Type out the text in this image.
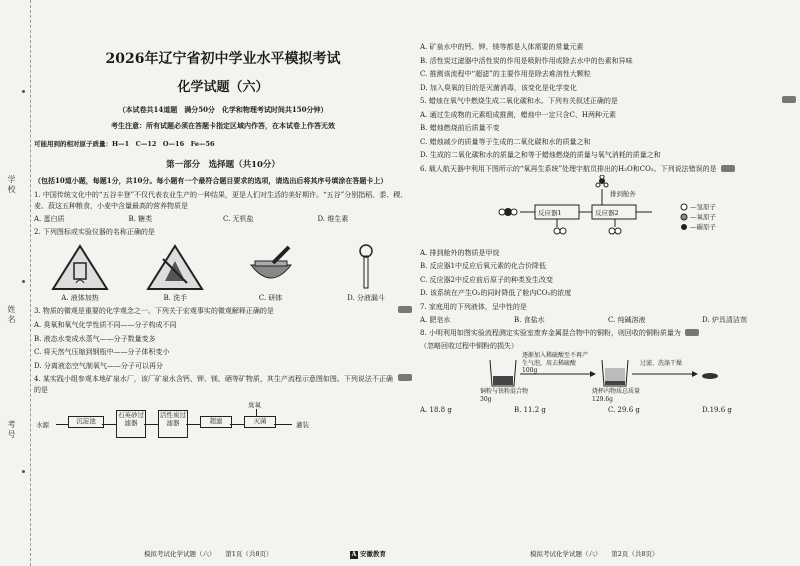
学校
姓名
考号
2026年辽宁省初中学业水平模拟考试
化学试题（六）
（本试卷共14道题　满分50分　化学和物理考试时间共150分钟）
考生注意：所有试题必须在答题卡指定区域内作答，在本试卷上作答无效
可能用到的相对原子质量：H—1　C—12　O—16　Fe—56
第一部分　选择题（共10分）
（包括10道小题，每题1分，共10分。每小题有一个最符合题目要求的选项，请选出后将其序号填涂在答题卡上）
1. 中国传统文化中的“五谷丰登”不仅代表农业生产的一种结果，更是人们对生活的美好期许。“五谷”分别指稻、黍、稷、麦、菽这五种粮食，小麦中含量最高的营养物质是
A. 蛋白质	B. 糖类	C. 无机盐	D. 维生素
2. 下列图标或实验仪器的名称正确的是
A. 液体加热	B. 洗手	C. 研钵	D. 分液漏斗
3. 物质的微观是重要的化学观念之一。下列关于宏观事实的微观解释正确的是
A. 臭氧和氧气化学性质不同——分子构成不同
B. 液态水变成水蒸气——分子数量变多
C. 将天然气压缩到钢瓶中——分子体积变小
D. 分离液态空气制氧气——分子可以再分
4. 某实践小组参观本地矿泉水厂，该厂矿泉水含钙、钾、镁、硒等矿物质，其生产流程示意图如图。下列说法不正确的是
水源	沉淀池
石英砂过滤器
活性炭过滤器	超滤
臭氧
灭菌	灌装
模拟考试化学试题（六）　　第1页（共8页）	A 安徽教育
A. 矿泉水中的钙、钾、镁等都是人体需要的常量元素
B. 活性炭过滤器中活性炭的作用是吸附作用或除去水中的色素和异味
C. 推测该流程中“超滤”的主要作用是除去难溶性大颗粒
D. 加入臭氧的目的是灭菌消毒，该变化是化学变化
5. 蜡烛在氧气中燃烧生成二氧化碳和水。下列有关叙述正确的是
A. 通过生成物的元素组成推测，蜡烛中一定只含C、H两种元素
B. 蜡烛燃烧前后质量不变
C. 蜡烛减少的质量等于生成的二氧化碳和水的质量之和
D. 生成的二氧化碳和水的质量之和等于蜡烛燃烧的质量与氧气消耗的质量之和
6. 载人航天器中利用下图所示的“氧再生系统”处理宇航员排出的H₂O和CO₂。下列说法错误的是
排到舱外
反应器1	反应器2
—氢原子
—氧原子
—碳原子
A. 排到舱外的物质是甲烷
B. 反应器1中反应后氧元素的化合价降低
C. 反应器2中反应前后原子的种类发生改变
D. 该系统在产生O₂的同时降低了舱内CO₂的浓度
7. 家庭用的下列液体，呈中性的是
A. 肥皂水	B. 食盐水	C. 纯碱溶液	D. 炉具清洁剂
8. 小明利用如图实验流程测定实验室废弃金属混合物中的铜粉，则回收的铜粉质量为
（忽略回收过程中铜粉的损失）
逐渐加入稀硫酸至不再产生气泡，用去稀硫酸100g
铜粉与铁粉混合物30g
烧杯内物质总质量129.6g
过滤、洗涤干燥
A. 18.8 g	B. 11.2 g	C. 29.6 g	D.19.6 g
模拟考试化学试题（六）　　第2页（共8页）
